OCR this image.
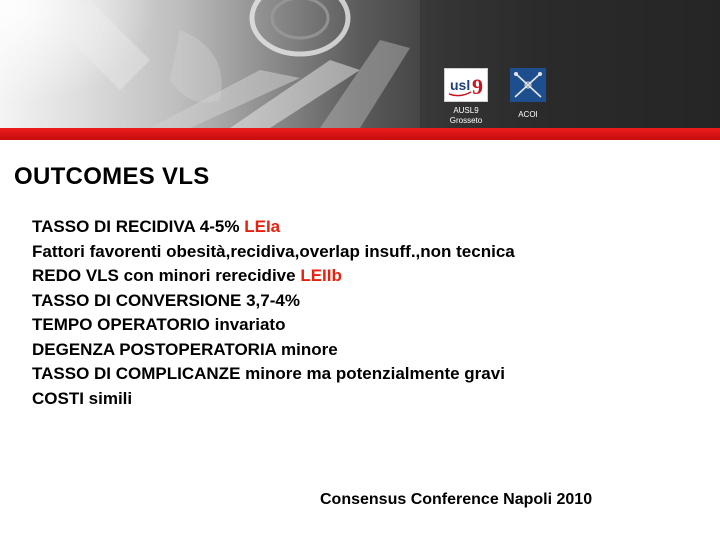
usl 9
AUSL9
Grosseto
ACOI
OUTCOMES VLS
TASSO DI RECIDIVA 4-5% LEIa
Fattori favorenti obesità,recidiva,overlap insuff.,non tecnica
REDO VLS con minori rerecidive LEIIb
TASSO DI CONVERSIONE 3,7-4%
TEMPO OPERATORIO invariato
DEGENZA POSTOPERATORIA minore
TASSO DI COMPLICANZE minore ma potenzialmente gravi
COSTI simili
Consensus Conference Napoli 2010
